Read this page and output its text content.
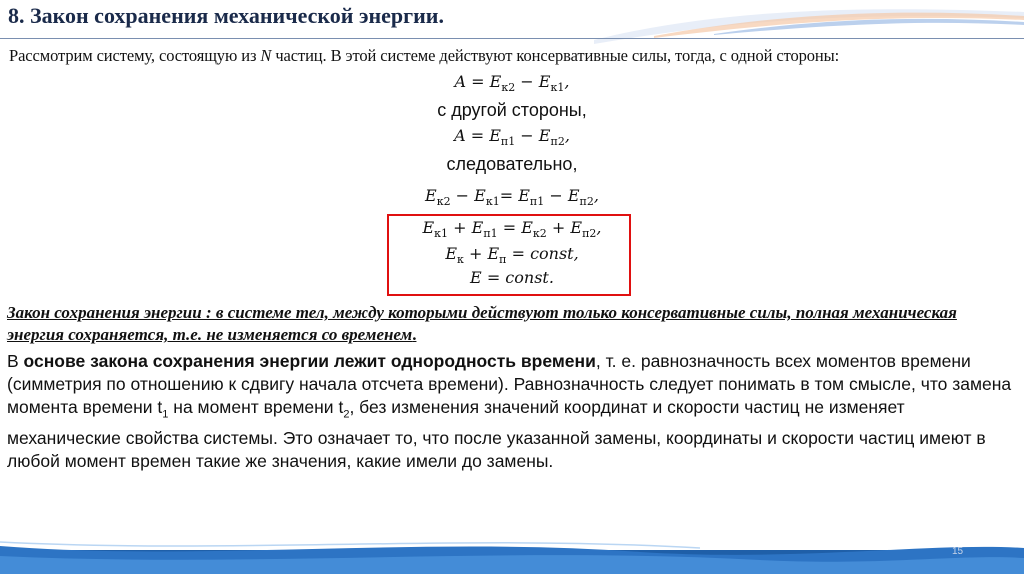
8. Закон сохранения механической энергии.
Рассмотрим систему, состоящую из N частиц. В этой системе действуют консервативные силы, тогда, с одной стороны:
$A = E_{к2} - E_{к1}$,
с другой стороны,
$A = E_{п1} - E_{п2}$,
следовательно,
$E_{к2} - E_{к1}= E_{п1} - E_{п2}$,
$E_{к1} + E_{п1} = E_{к2} + E_{п2}$,
$E_к + E_п$ = const,
E = const.
Закон сохранения энергии : в системе тел, между которыми действуют только консервативные силы, полная механическая энергия сохраняется, т.е. не изменяется со временем.
В основе закона сохранения энергии лежит однородность времени, т. е. равнозначность всех моментов времени (симметрия по отношению к сдвигу начала отсчета времени). Равнозначность следует понимать в том смысле, что замена момента времени $t_1$ на момент времени $t_2$, без изменения значений координат и скорости частиц не изменяет механические свойства системы. Это означает то, что после указанной замены, координаты и скорости частиц имеют в любой момент времен такие же значения, какие имели до замены.
15
